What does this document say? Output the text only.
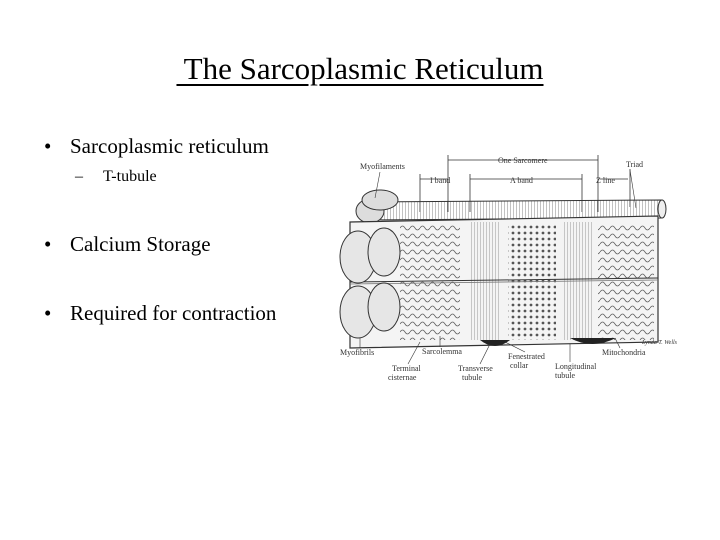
The Sarcoplasmic Reticulum
• Sarcoplasmic reticulum
– T-tubule
• Calcium Storage
• Required for contraction
Myofilaments
One Sarcomere	Triad
I band	A band	Z line
Myofibrils	Sarcolemma
Fenestrated
collar
Mitochondria
Terminal
cisternae
Transverse
tubule
Longitudinal
tubule
Lynda T. Wells
